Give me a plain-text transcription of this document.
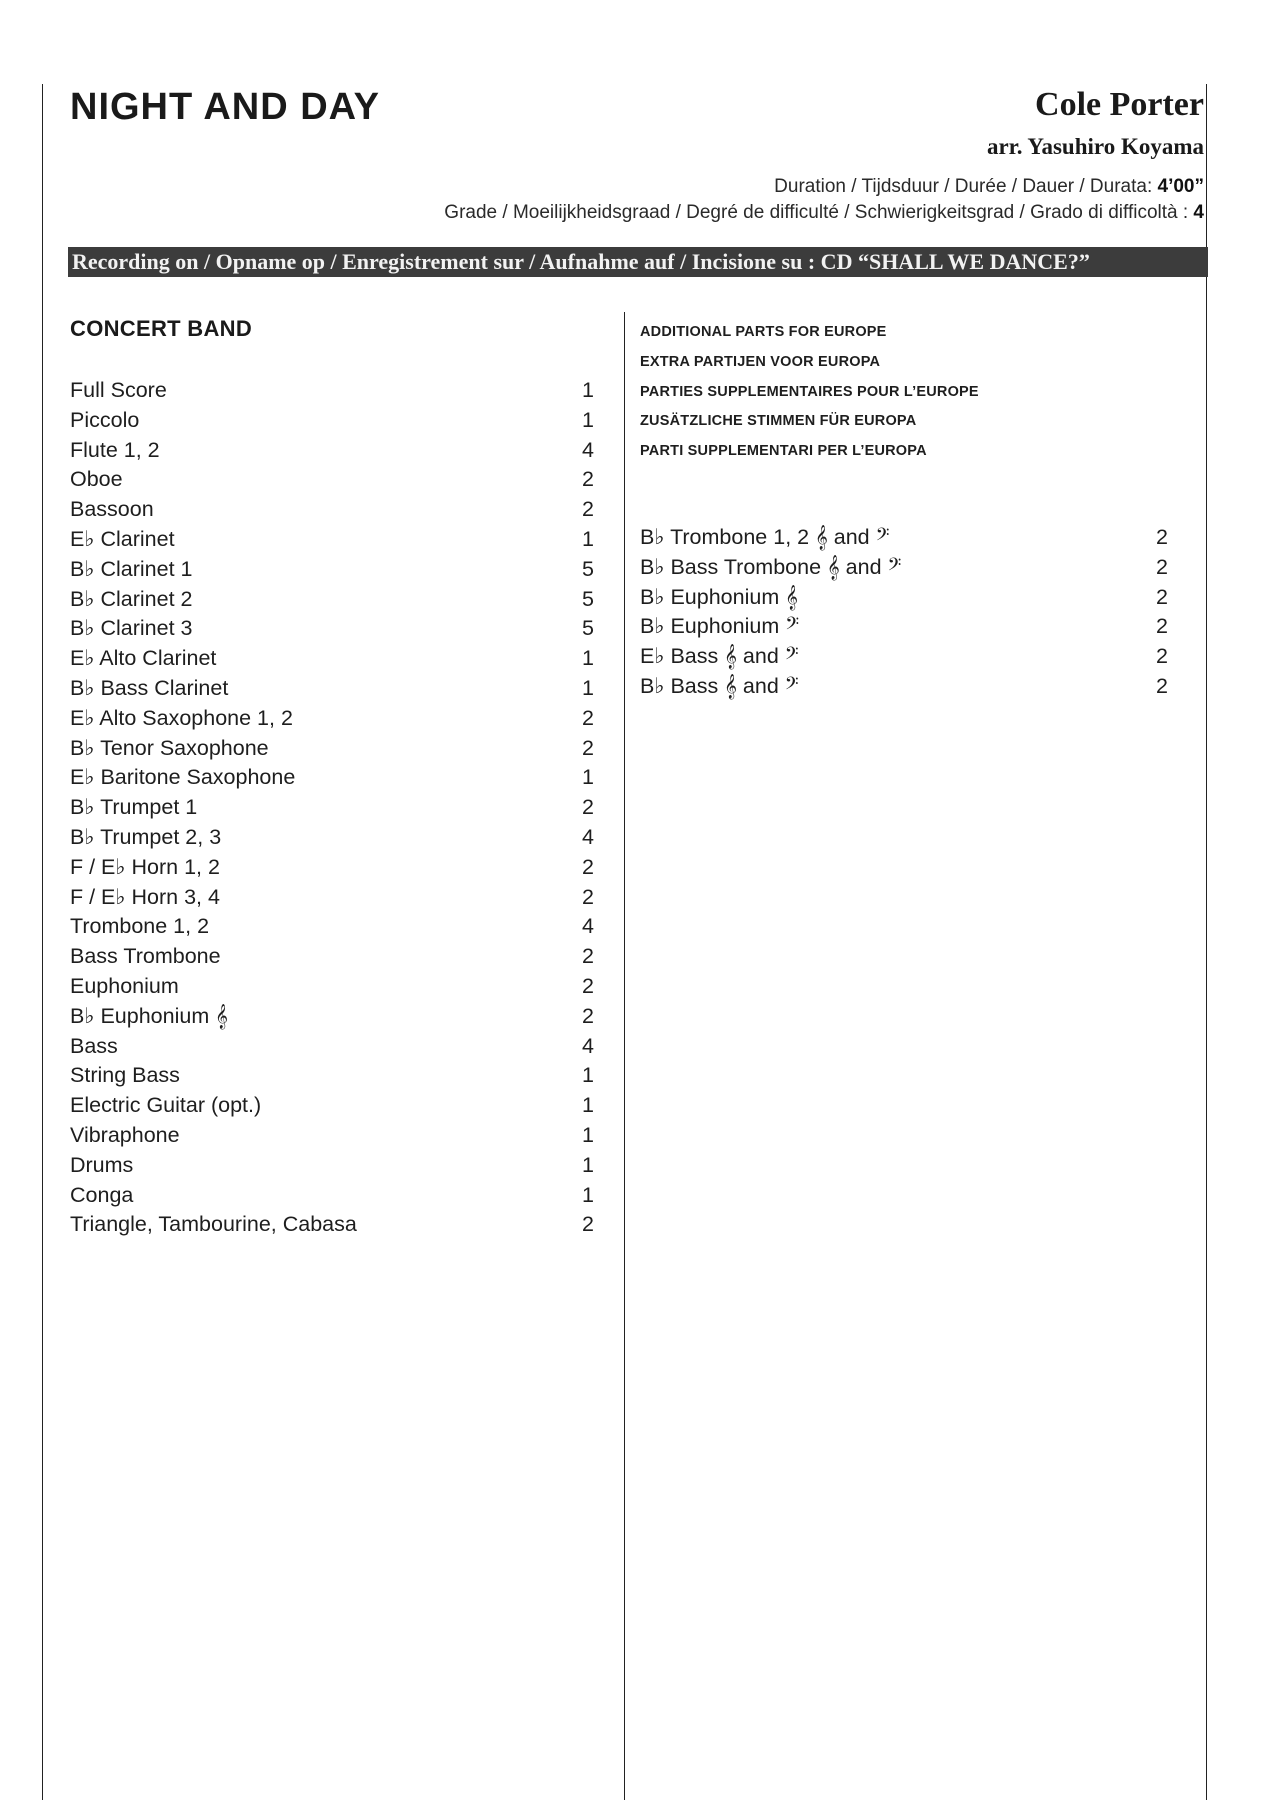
NIGHT AND DAY	Cole Porter
arr. Yasuhiro Koyama
Duration / Tijdsduur / Durée / Dauer / Durata: 4’00”
Grade / Moeilijkheidsgraad / Degré de difficulté / Schwierigkeitsgrad / Grado di difficoltà : 4
Recording on / Opname op / Enregistrement sur / Aufnahme auf / Incisione su : CD “SHALL WE DANCE?”
CONCERT BAND
Full Score	1
Piccolo	1
Flute 1, 2	4
Oboe	2
Bassoon	2
E♭ Clarinet	1
B♭ Clarinet 1	5
B♭ Clarinet 2	5
B♭ Clarinet 3	5
E♭ Alto Clarinet	1
B♭ Bass Clarinet	1
E♭ Alto Saxophone 1, 2	2
B♭ Tenor Saxophone	2
E♭ Baritone Saxophone	1
B♭ Trumpet 1	2
B♭ Trumpet 2, 3	4
F / E♭ Horn 1, 2	2
F / E♭ Horn 3, 4	2
Trombone 1, 2	4
Bass Trombone	2
Euphonium	2
B♭ Euphonium 𝄞	2
Bass	4
String Bass	1
Electric Guitar (opt.)	1
Vibraphone	1
Drums	1
Conga	1
Triangle, Tambourine, Cabasa	2
ADDITIONAL PARTS FOR EUROPE
EXTRA PARTIJEN VOOR EUROPA
PARTIES SUPPLEMENTAIRES POUR L’EUROPE
ZUSÄTZLICHE STIMMEN FÜR EUROPA
PARTI SUPPLEMENTARI PER L’EUROPA
B♭ Trombone 1, 2 𝄞 and 𝄢	2
B♭ Bass Trombone 𝄞 and 𝄢	2
B♭ Euphonium 𝄞	2
B♭ Euphonium 𝄢	2
E♭ Bass 𝄞 and 𝄢	2
B♭ Bass 𝄞 and 𝄢	2
